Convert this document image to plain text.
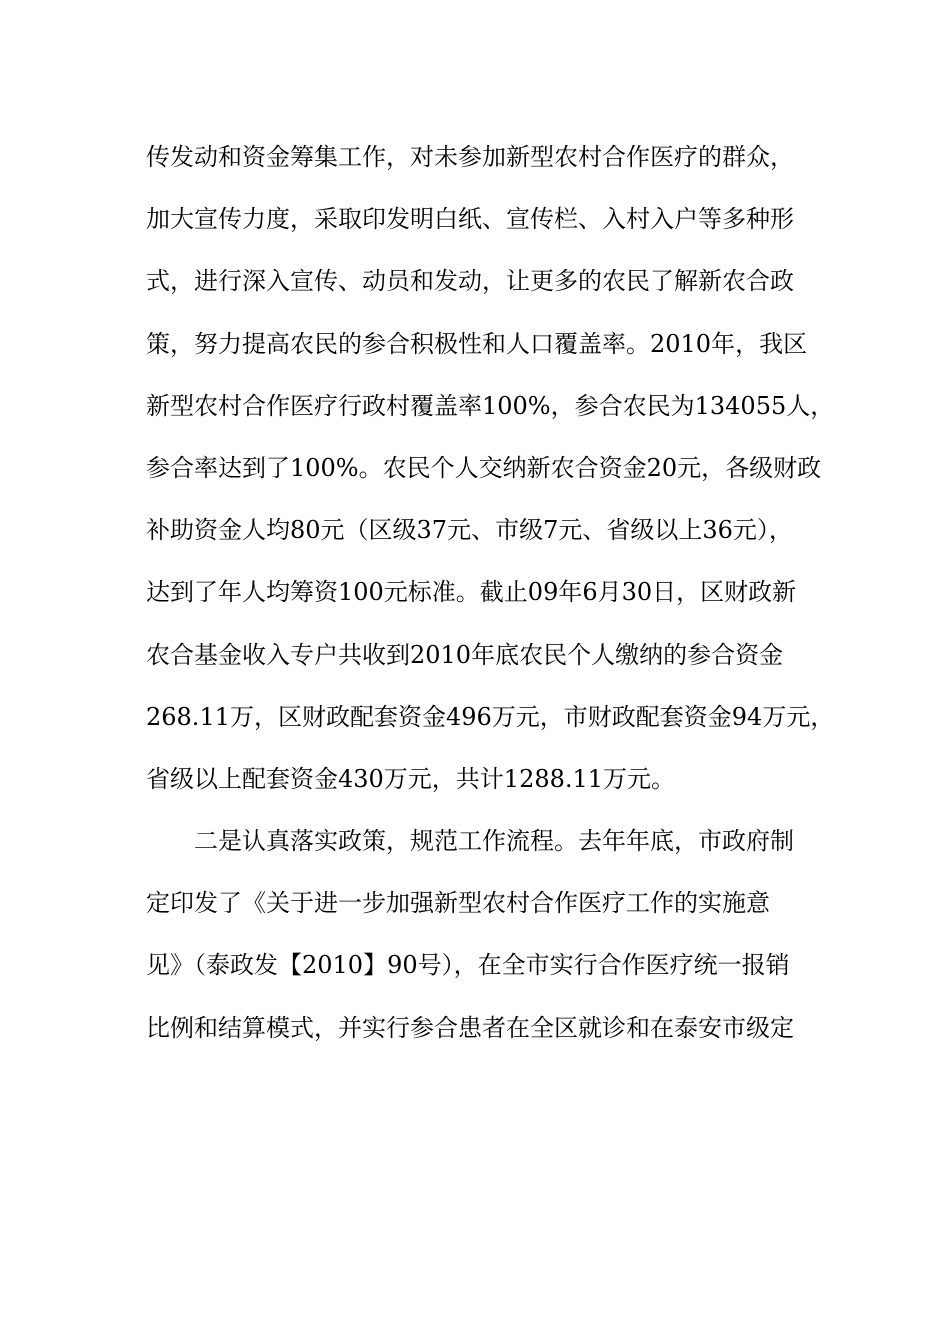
传发动和资金筹集工作，对未参加新型农村合作医疗的群众，
加大宣传力度，采取印发明白纸、宣传栏、入村入户等多种形
式，进行深入宣传、动员和发动，让更多的农民了解新农合政
策，努力提高农民的参合积极性和人口覆盖率。2010年，我区
新型农村合作医疗行政村覆盖率100%，参合农民为134055人，
参合率达到了100%。农民个人交纳新农合资金20元，各级财政
补助资金人均80元（区级37元、市级7元、省级以上36元），
达到了年人均筹资100元标准。截止09年6月30日，区财政新
农合基金收入专户共收到2010年底农民个人缴纳的参合资金
268.11万，区财政配套资金496万元，市财政配套资金94万元，
省级以上配套资金430万元，共计1288.11万元。
二是认真落实政策，规范工作流程。去年年底，市政府制
定印发了《关于进一步加强新型农村合作医疗工作的实施意
见》（泰政发【2010】90号），在全市实行合作医疗统一报销
比例和结算模式，并实行参合患者在全区就诊和在泰安市级定
